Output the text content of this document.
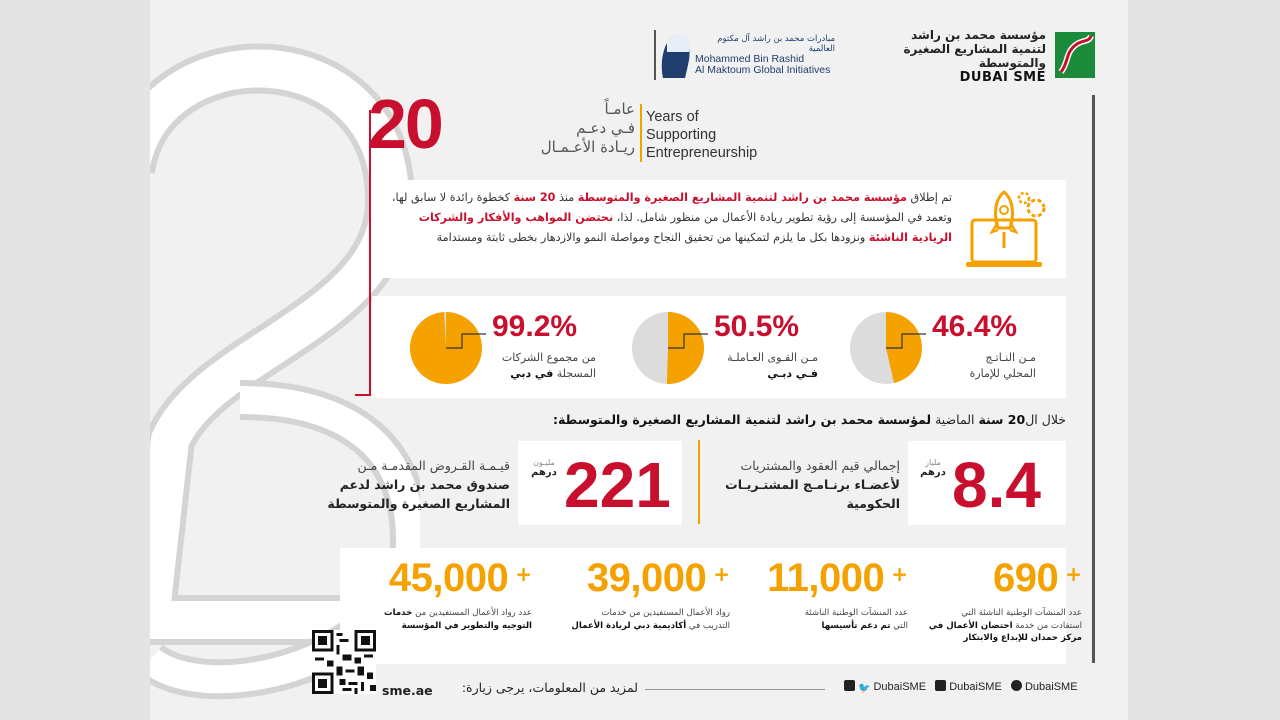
مؤسسة محمد بن راشد
لتنمية المشاريع الصغيرة والمتوسطة
DUBAI SME
مبادرات محمد بن راشد آل مكتوم العالمية
Mohammed Bin Rashid
Al Maktoum Global Initiatives
20	عامـاً
فـي دعـم
ريـادة الأعـمـال
Years of
Supporting
Entrepreneurship
تم إطلاق مؤسسة محمد بن راشد لتنمية المشاريع الصغيرة والمتوسطة منذ 20 سنة كخطوة رائدة لا سابق لها، وتعمد في المؤسسة إلى رؤية تطوير ريادة الأعمال من منظور شامل. لذا، نحتضن المواهب والأفكار والشركات الريادية الناشئة ونزودها بكل ما يلزم لتمكينها من تحقيق النجاح ومواصلة النمو والازدهار بخطى ثابتة ومستدامة
خلال ال20 سنة الماضية لمؤسسة محمد بن راشد لتنمية المشاريع الصغيرة والمتوسطة:
8.4
مليار
درهم
إجمالي قيم العقود والمشتريات
لأعضـاء برنـامـج المشتـريـات
الحكومية
221
مليـون
درهم
قيـمـة القـروض المقدمـة مـن
صندوق محمد بن راشد لدعم
المشاريع الصغيرة والمتوسطة
sme.ae	لمزيد من المعلومات، يرجى زيارة:	🐦 DubaiSME DubaiSME DubaiSME
46.4%
مـن النـاتـج
المحلي للإمارة
50.5%
مـن القـوى العـاملـة
فـي دبـي
99.2%
من مجموع الشركات
المسجلة في دبي
690 +
عدد المنشآت الوطنية الناشئة التي
استفادت من خدمة احتضان الأعمال في
مركز حمدان للإبداع والابتكار
11,000 +
عدد المنشآت الوطنية الناشئة
التي تم دعم تأسيسها
39,000 +
رواد الأعمال المستفيدين من خدمات
التدريب في أكاديمية دبي لريادة الأعمال
45,000 +
عدد رواد الأعمال المستفيدين من خدمات
التوجيه والتطوير في المؤسسة
